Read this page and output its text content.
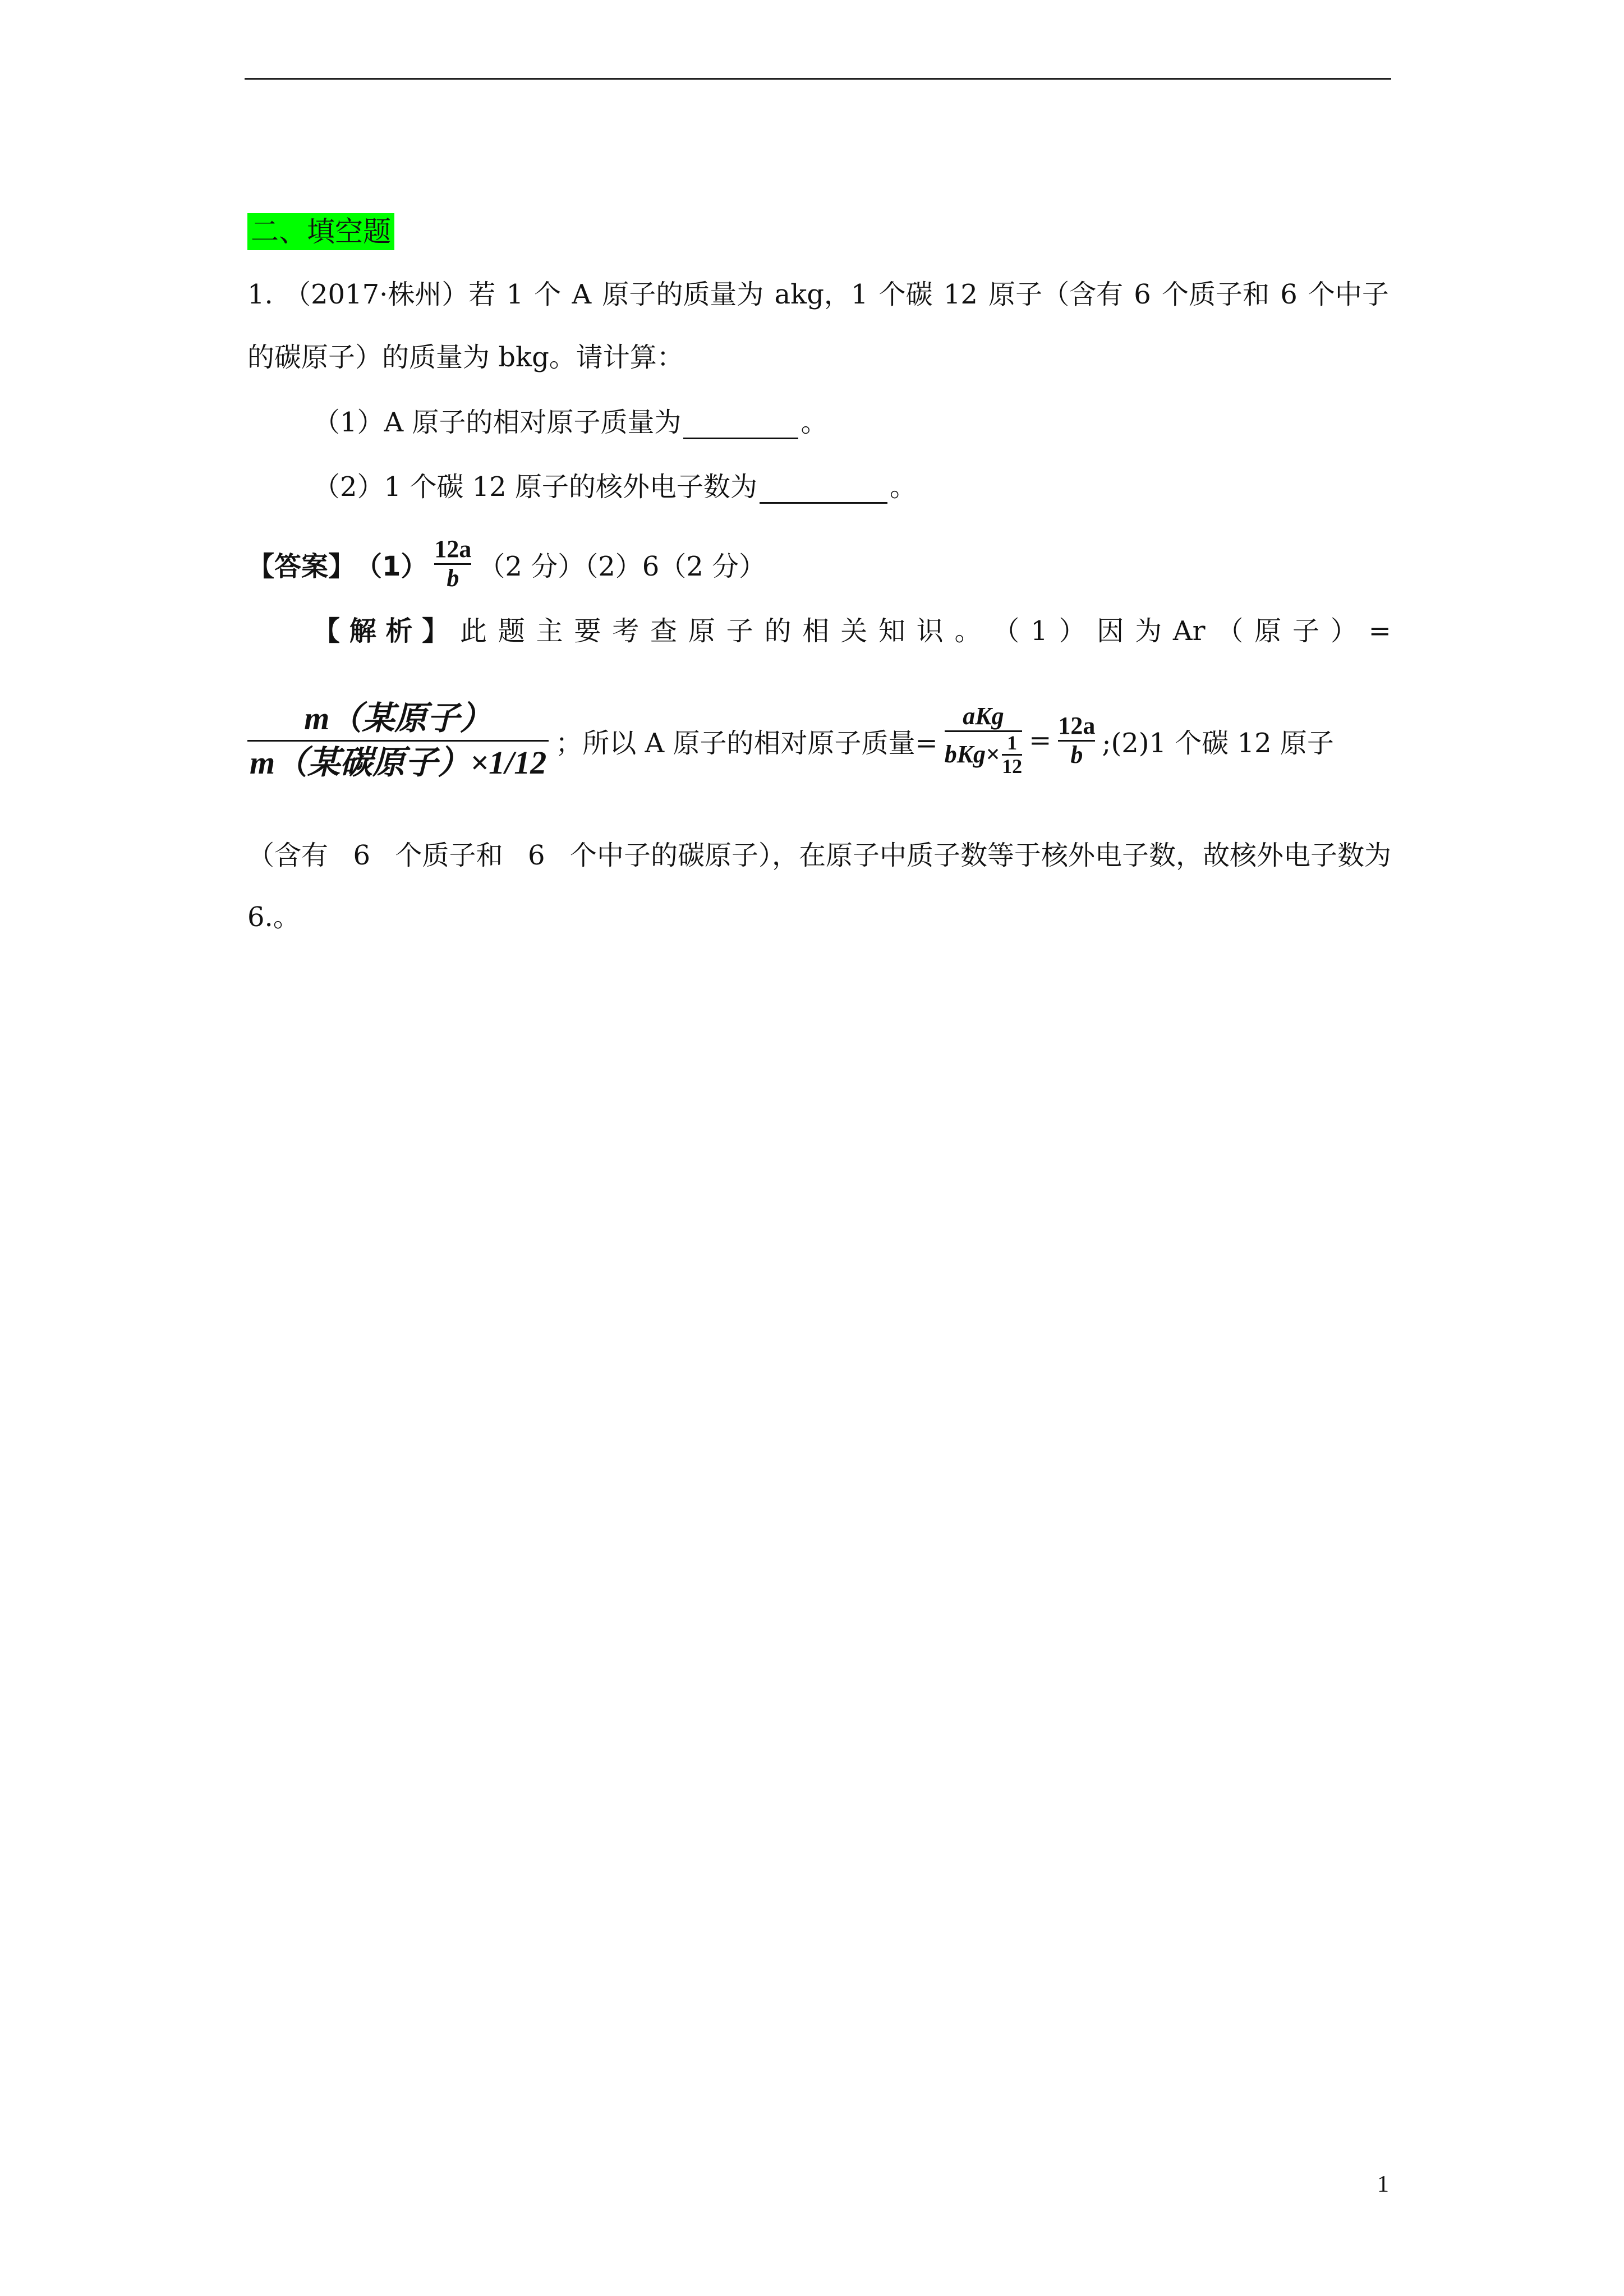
二、填空题
1. （2017·株州）若 1 个 A 原子的质量为 akg，1 个碳 12 原子（含有 6 个质子和 6 个中子
的碳原子）的质量为 bkg。请计算：
（1）A 原子的相对原子质量为	。
（2）1 个碳 12 原子的核外电子数为	。
【答案】 $(1) \frac{12a}{b} (2$ 分）（2）6（2 分）
【 解 析 】 此 题 主 要 考 查 原 子 的 相 关 知 识 。 （ 1 ） 因 为 Ar （ 原 子 ） =
$\frac{\text{m（某原子）}}{\text{m（某碳原子）×1/12}}$ ；所以 A 原子的相对原子质量= $\frac{\text{aKg}}{bKg\times \frac{1}{12}} = \frac{12a}{b}$ ;(2)1 个碳 12 原子
（含有 6 个质子和 6 个中子的碳原子），在原子中质子数等于核外电子数，故核外电子数为
6.。
1
